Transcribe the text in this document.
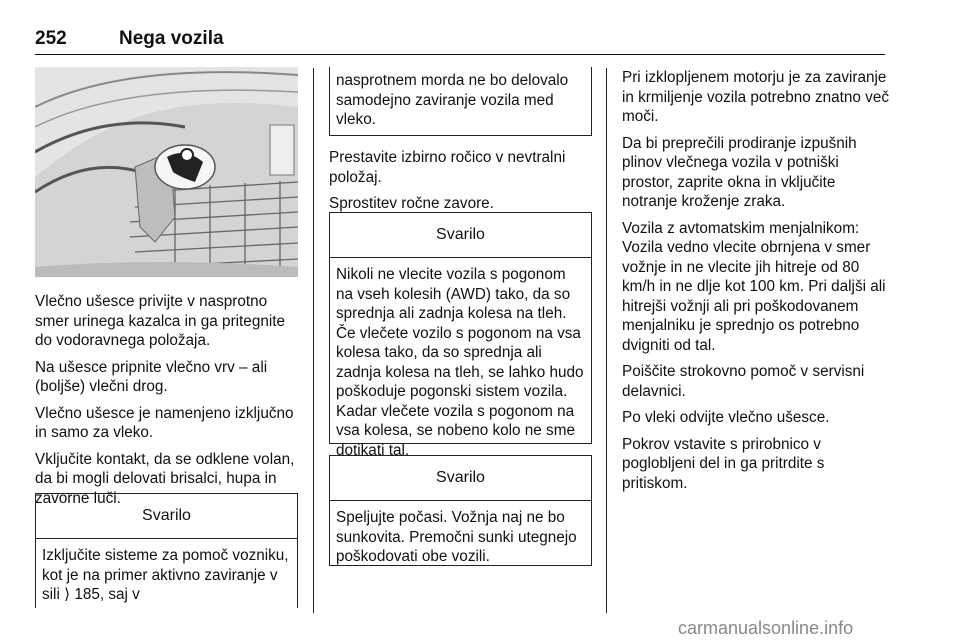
252	Nega vozila

Vlečno ušesce privijte v nasprotno smer urinega kazalca in ga pritegnite do vodoravnega položaja.

Na ušesce pripnite vlečno vrv – ali (boljše) vlečni drog.

Vlečno ušesce je namenjeno izključno in samo za vleko.

Vključite kontakt, da se odklene volan, da bi mogli delovati brisalci, hupa in zavorne luči.

Svarilo
Izključite sisteme za pomoč vozniku, kot je na primer aktivno zaviranje v sili ⟩ 185, saj v
nasprotnem morda ne bo delovalo samodejno zaviranje vozila med vleko.

Prestavite izbirno ročico v nevtralni položaj.

Sprostitev ročne zavore.

Svarilo
Nikoli ne vlecite vozila s pogonom na vseh kolesih (AWD) tako, da so sprednja ali zadnja kolesa na tleh. Če vlečete vozilo s pogonom na vsa kolesa tako, da so sprednja ali zadnja kolesa na tleh, se lahko hudo poškoduje pogonski sistem vozila. Kadar vlečete vozila s pogonom na vsa kolesa, se nobeno kolo ne sme dotikati tal.
Svarilo
Speljujte počasi. Vožnja naj ne bo sunkovita. Premočni sunki utegnejo poškodovati obe vozili.

Pri izklopljenem motorju je za zaviranje in krmiljenje vozila potrebno znatno več moči.

Da bi preprečili prodiranje izpušnih plinov vlečnega vozila v potniški prostor, zaprite okna in vključite notranje kroženje zraka.

Vozila z avtomatskim menjalnikom: Vozila vedno vlecite obrnjena v smer vožnje in ne vlecite jih hitreje od 80 km/h in ne dlje kot 100 km. Pri daljši ali hitrejši vožnji ali pri poškodovanem menjalniku je sprednjo os potrebno dvigniti od tal.

Poiščite strokovno pomoč v servisni delavnici.

Po vleki odvijte vlečno ušesce.

Pokrov vstavite s prirobnico v poglobljeni del in ga pritrdite s pritiskom.

carmanualsonline.info
